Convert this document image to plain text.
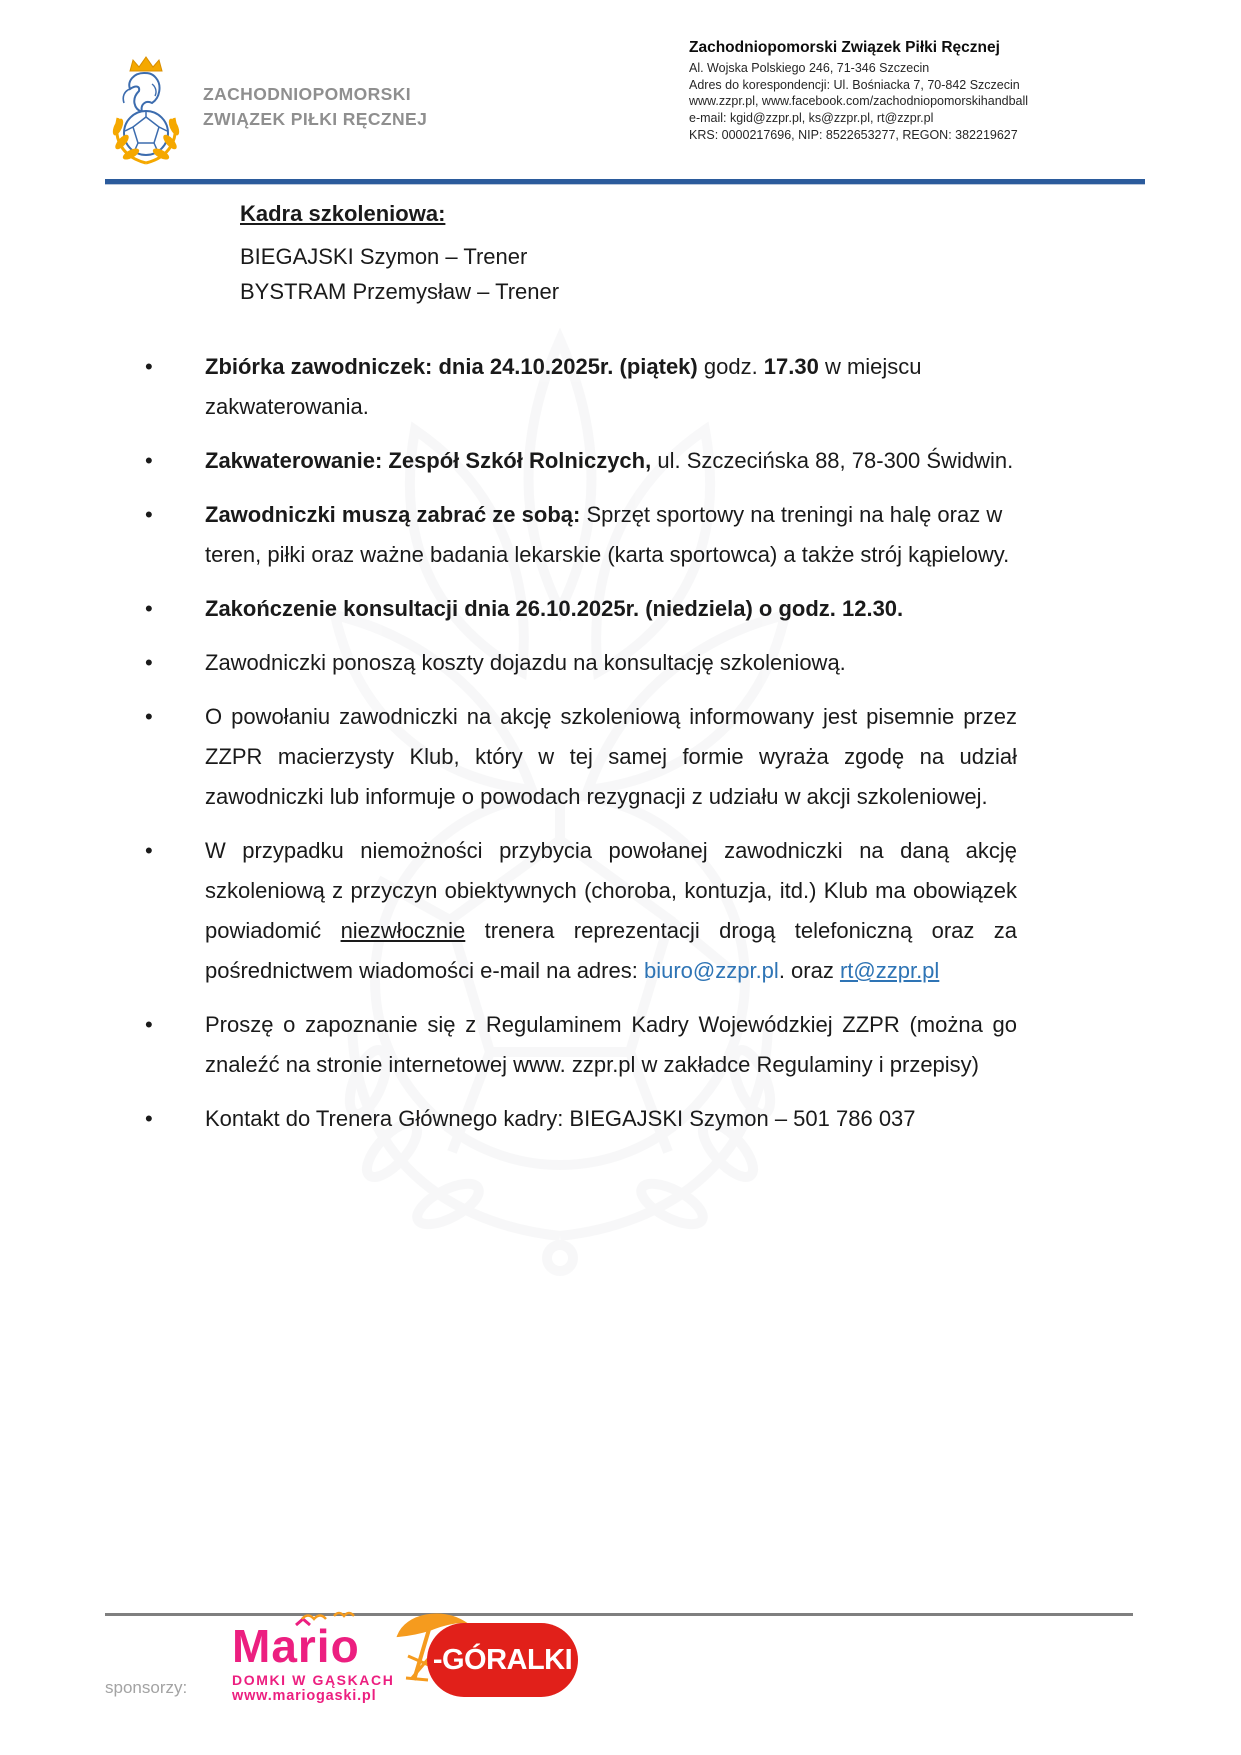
ZACHODNIOPOMORSKI
ZWIĄZEK PIŁKI RĘCZNEJ
Zachodniopomorski Związek Piłki Ręcznej
Al. Wojska Polskiego 246, 71-346 Szczecin
Adres do korespondencji: Ul. Bośniacka 7, 70-842 Szczecin
www.zzpr.pl, www.facebook.com/zachodniopomorskihandball
e-mail: kgid@zzpr.pl, ks@zzpr.pl, rt@zzpr.pl
KRS: 0000217696, NIP: 8522653277, REGON: 382219627
Kadra szkoleniowa:
BIEGAJSKI Szymon – Trener
BYSTRAM Przemysław – Trener
•	Zbiórka zawodniczek: dnia 24.10.2025r. (piątek) godz. 17.30 w miejscu zakwaterowania.

•	Zakwaterowanie: Zespół Szkół Rolniczych, ul. Szczecińska 88, 78-300 Świdwin.

•	Zawodniczki muszą zabrać ze sobą: Sprzęt sportowy na treningi na halę oraz w teren, piłki oraz ważne badania lekarskie (karta sportowca) a także strój kąpielowy.

•	Zakończenie konsultacji dnia 26.10.2025r. (niedziela) o godz. 12.30.

•	Zawodniczki ponoszą koszty dojazdu na konsultację szkoleniową.

•	O powołaniu zawodniczki na akcję szkoleniową informowany jest pisemnie przez ZZPR macierzysty Klub, który w tej samej formie wyraża zgodę na udział zawodniczki lub informuje o powodach rezygnacji z udziału w akcji szkoleniowej.

•	W przypadku niemożności przybycia powołanej zawodniczki na daną akcję szkoleniową z przyczyn obiektywnych (choroba, kontuzja, itd.) Klub ma obowiązek powiadomić niezwłocznie trenera reprezentacji drogą telefoniczną oraz za pośrednictwem wiadomości e-mail na adres: biuro@zzpr.pl. oraz rt@zzpr.pl

•	Proszę o zapoznanie się z Regulaminem Kadry Wojewódzkiej ZZPR (można go znaleźć na stronie internetowej www. zzpr.pl w zakładce Regulaminy i przepisy)

•	Kontakt do Trenera Głównego kadry: BIEGAJSKI Szymon – 501 786 037

sponsorzy:
Mario
DOMKI W GĄSKACH
www.mariogaski.pl
-GÓRALKI
